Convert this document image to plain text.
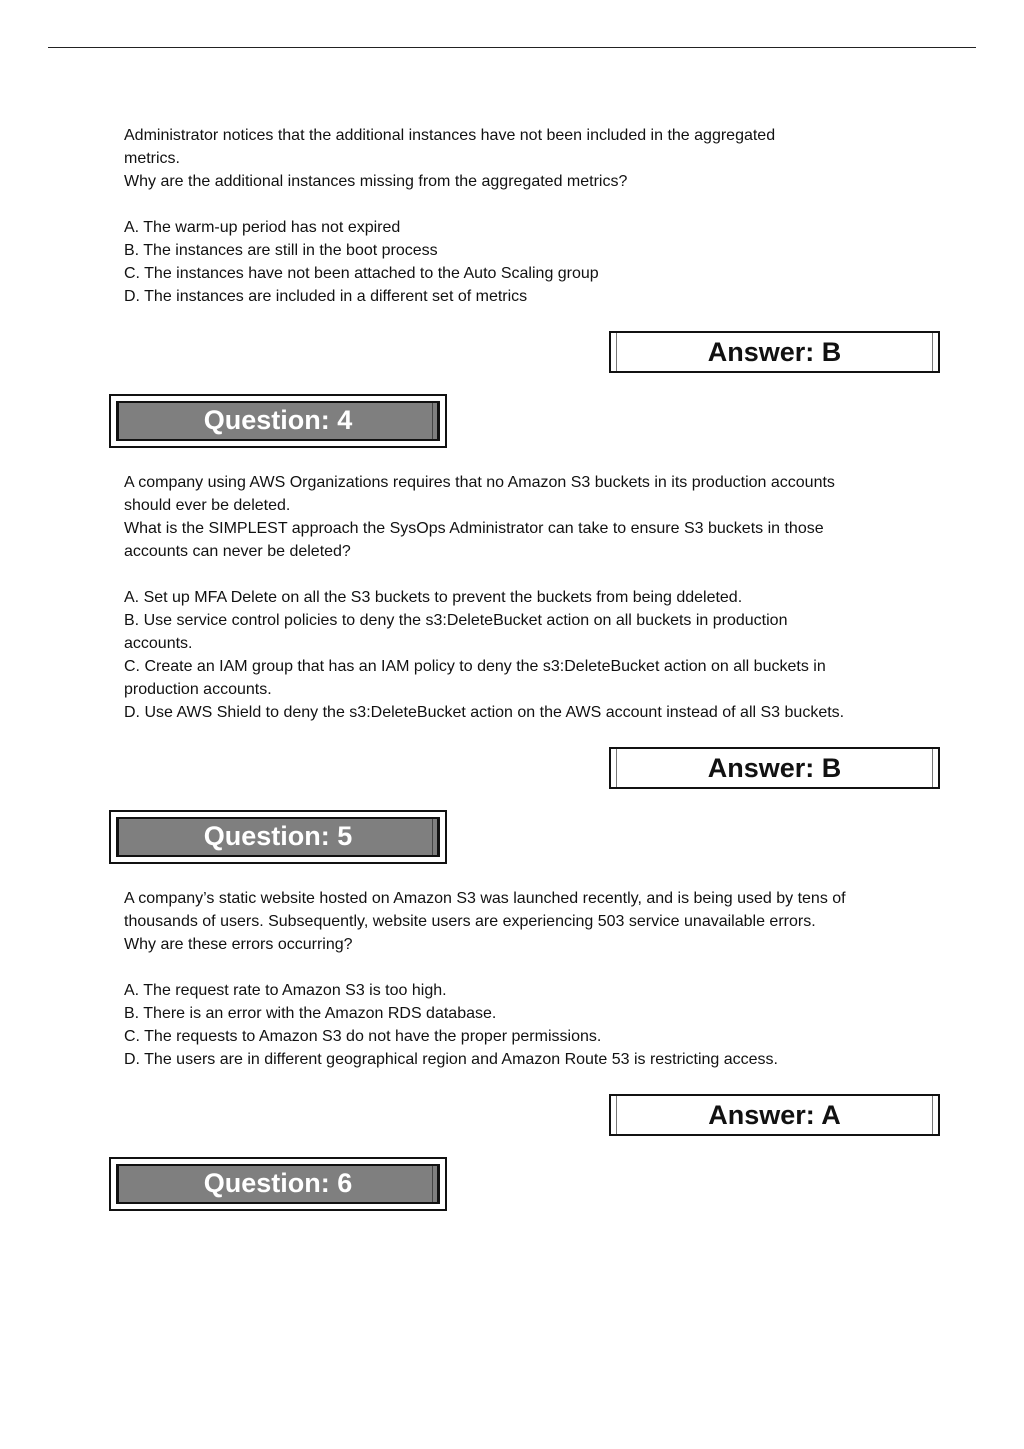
Administrator notices that the additional instances have not been included in the aggregated

metrics.

Why are the additional instances missing from the aggregated metrics?

A. The warm-up period has not expired

B. The instances are still in the boot process

C. The instances have not been attached to the Auto Scaling group

D. The instances are included in a different set of metrics

Answer: B
Question: 4

A company using AWS Organizations requires that no Amazon S3 buckets in its production accounts

should ever be deleted.

What is the SIMPLEST approach the SysOps Administrator can take to ensure S3 buckets in those

accounts can never be deleted?

A. Set up MFA Delete on all the S3 buckets to prevent the buckets from being ddeleted.

B. Use service control policies to deny the s3:DeleteBucket action on all buckets in production

accounts.

C. Create an IAM group that has an IAM policy to deny the s3:DeleteBucket action on all buckets in

production accounts.

D. Use AWS Shield to deny the s3:DeleteBucket action on the AWS account instead of all S3 buckets.

Answer: B
Question: 5

A company’s static website hosted on Amazon S3 was launched recently, and is being used by tens of

thousands of users. Subsequently, website users are experiencing 503 service unavailable errors.

Why are these errors occurring?

A. The request rate to Amazon S3 is too high.

B. There is an error with the Amazon RDS database.

C. The requests to Amazon S3 do not have the proper permissions.

D. The users are in different geographical region and Amazon Route 53 is restricting access.

Answer: A
Question: 6
